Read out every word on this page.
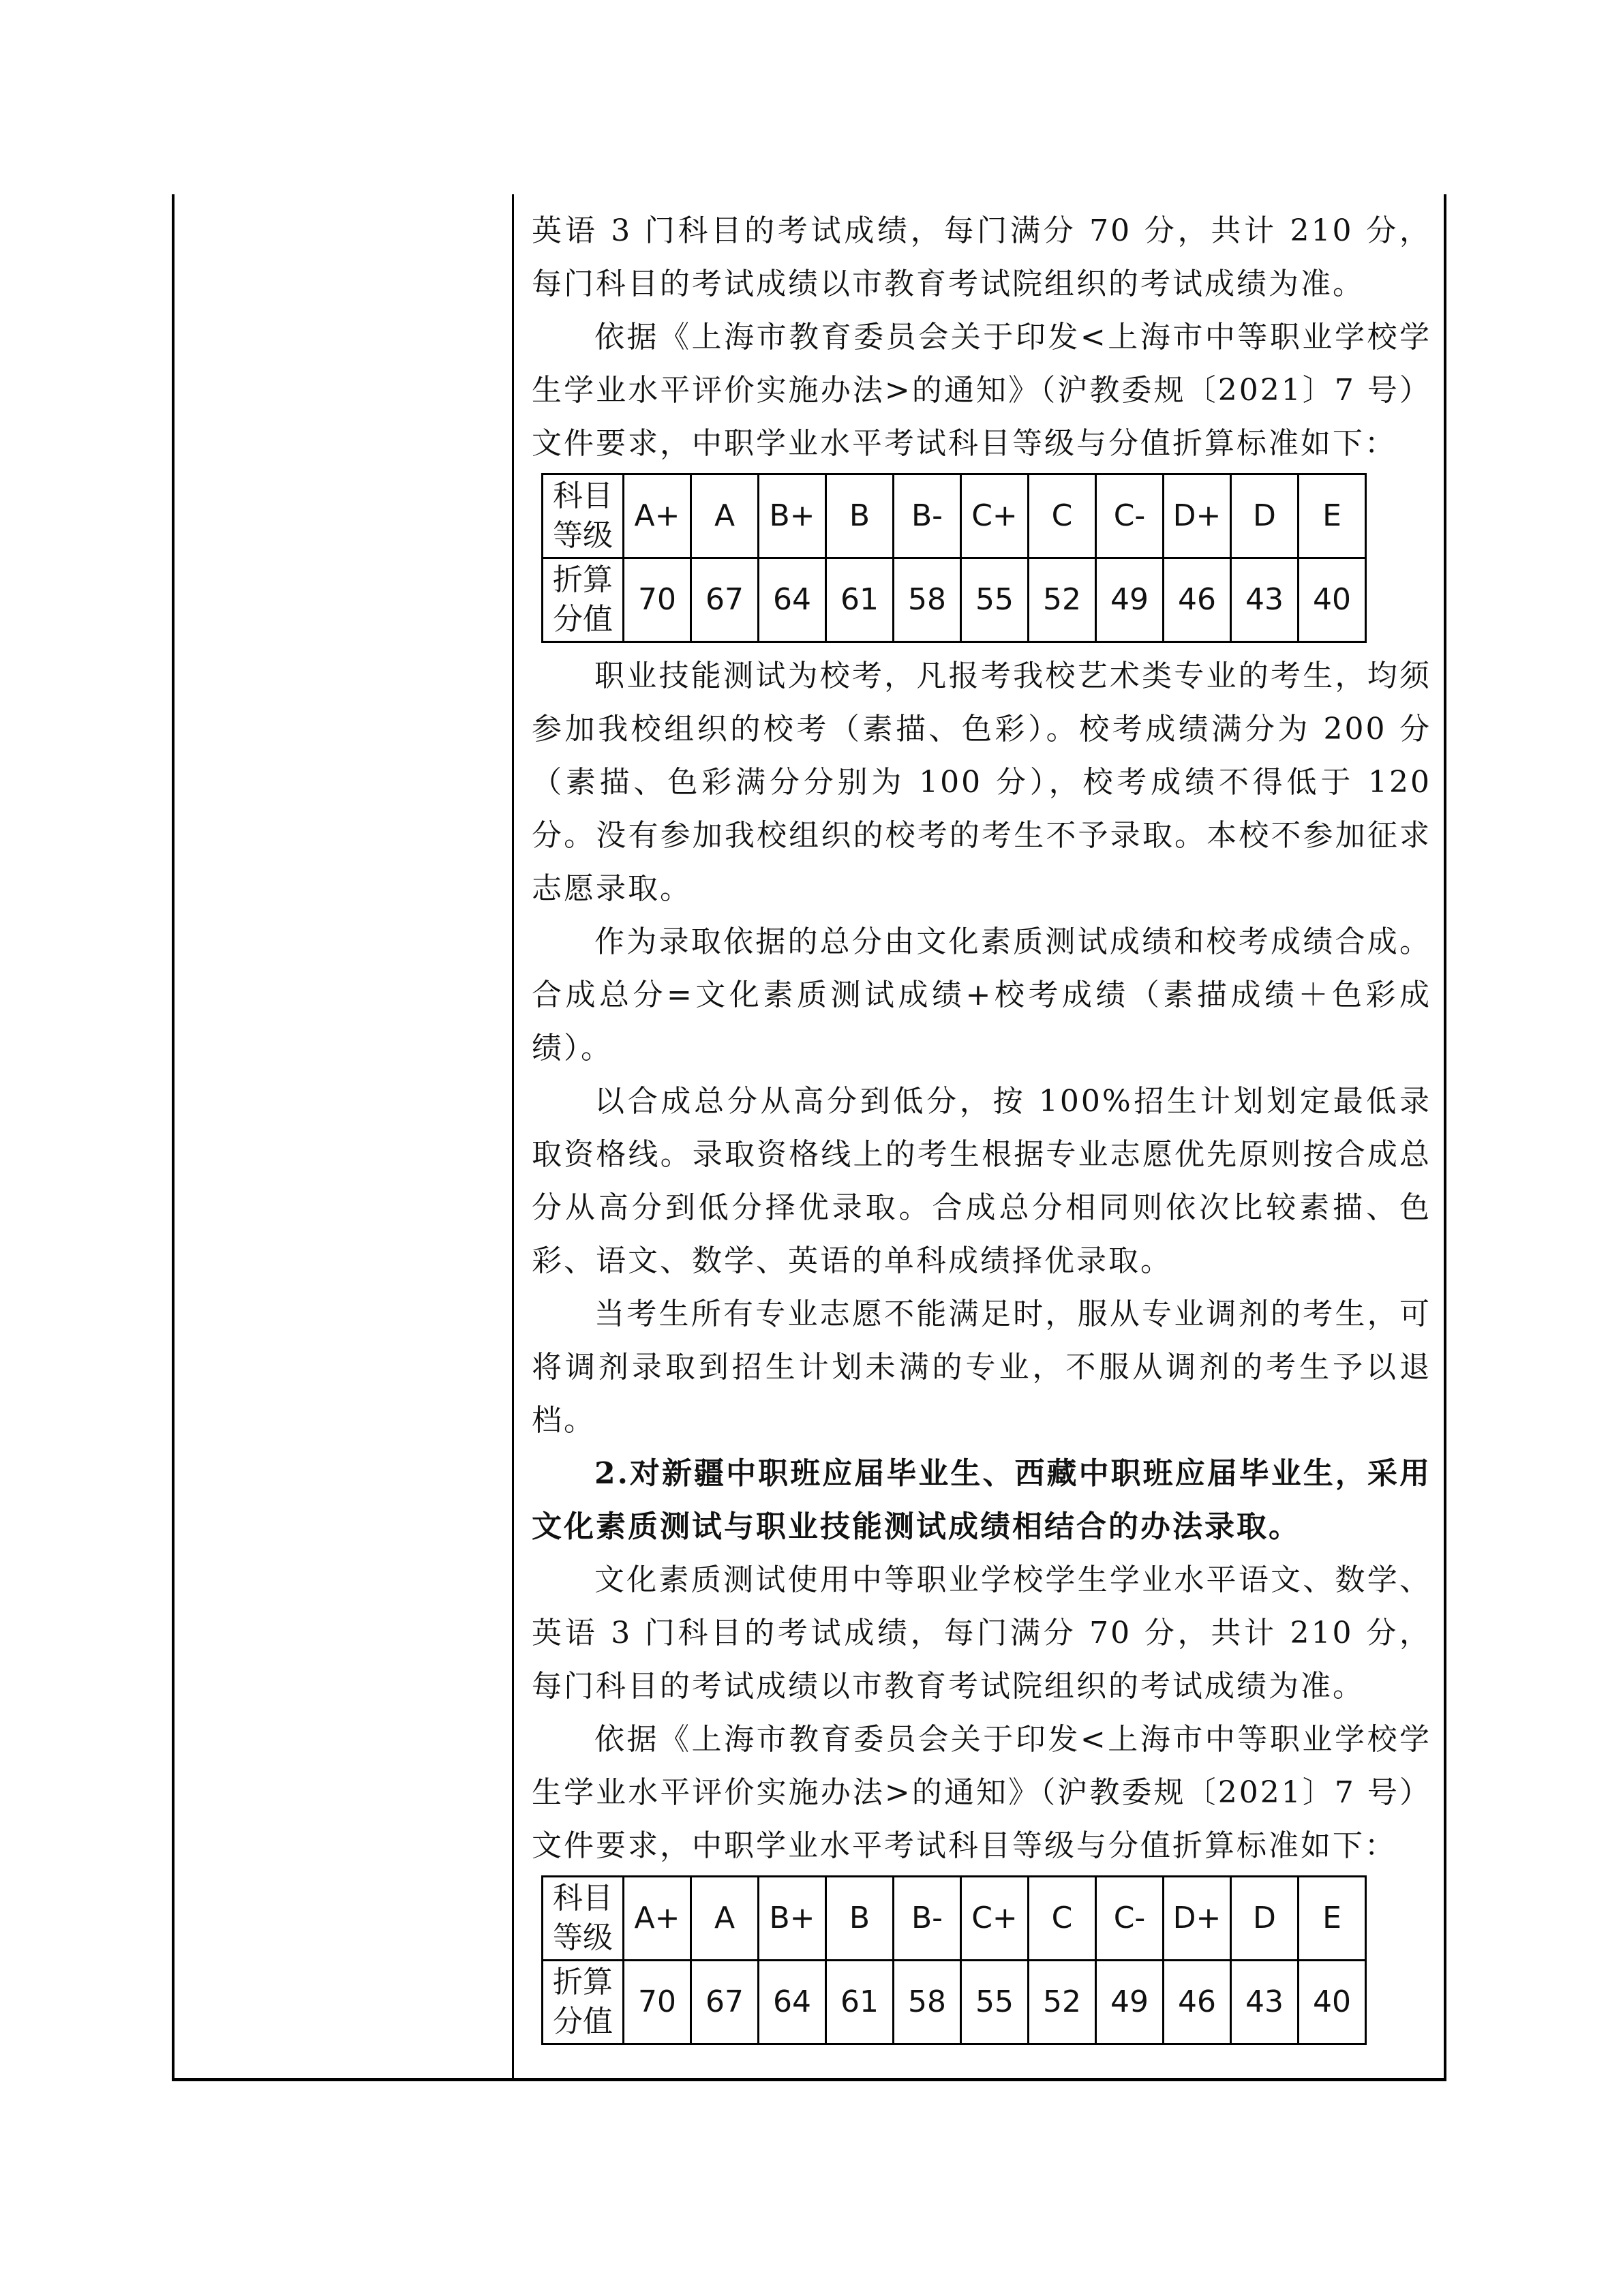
英语 3 门科目的考试成绩，每门满分 70 分，共计 210 分，每门科目的考试成绩以市教育考试院组织的考试成绩为准。

依据《上海市教育委员会关于印发<上海市中等职业学校学生学业水平评价实施办法>的通知》（沪教委规〔2021〕7 号）文件要求，中职学业水平考试科目等级与分值折算标准如下：

科目
等级	A+	A	B+	B	B-	C+	C	C-	D+	D	E
折算
分值	70	67	64	61	58	55	52	49	46	43	40

职业技能测试为校考，凡报考我校艺术类专业的考生，均须参加我校组织的校考（素描、色彩）。校考成绩满分为 200 分（素描、色彩满分分别为 100 分），校考成绩不得低于 120 分。没有参加我校组织的校考的考生不予录取。本校不参加征求志愿录取。

作为录取依据的总分由文化素质测试成绩和校考成绩合成。合成总分=文化素质测试成绩+校考成绩（素描成绩＋色彩成绩）。

以合成总分从高分到低分，按 100%招生计划划定最低录取资格线。录取资格线上的考生根据专业志愿优先原则按合成总分从高分到低分择优录取。合成总分相同则依次比较素描、色彩、语文、数学、英语的单科成绩择优录取。

当考生所有专业志愿不能满足时，服从专业调剂的考生，可将调剂录取到招生计划未满的专业，不服从调剂的考生予以退档。

2.对新疆中职班应届毕业生、西藏中职班应届毕业生，采用文化素质测试与职业技能测试成绩相结合的办法录取。

文化素质测试使用中等职业学校学生学业水平语文、数学、英语 3 门科目的考试成绩，每门满分 70 分，共计 210 分，每门科目的考试成绩以市教育考试院组织的考试成绩为准。

依据《上海市教育委员会关于印发<上海市中等职业学校学生学业水平评价实施办法>的通知》（沪教委规〔2021〕7 号）文件要求，中职学业水平考试科目等级与分值折算标准如下：

科目
等级	A+	A	B+	B	B-	C+	C	C-	D+	D	E
折算
分值	70	67	64	61	58	55	52	49	46	43	40
